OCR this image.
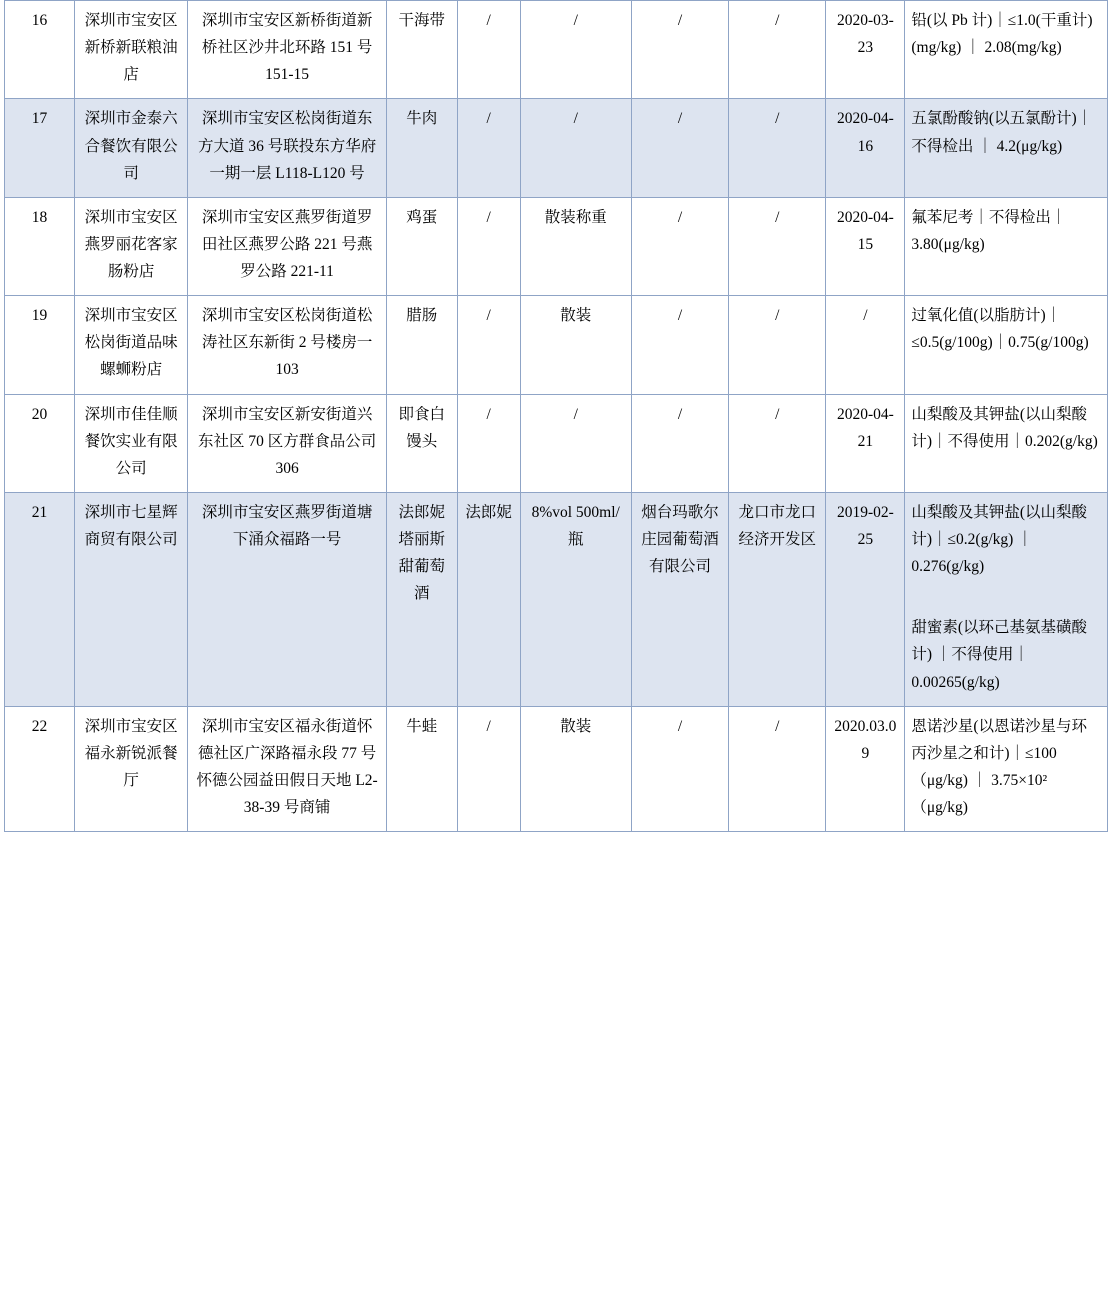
16	深圳市宝安区新桥新联粮油店	深圳市宝安区新桥街道新桥社区沙井北环路 151 号 151-15	干海带	/	/	/	/	2020-03-23	铅(以 Pb 计)｜≤1.0(干重计)(mg/kg) ｜ 2.08(mg/kg)

17	深圳市金泰六合餐饮有限公司	深圳市宝安区松岗街道东方大道 36 号联投东方华府一期一层 L118-L120 号	牛肉	/	/	/	/	2020-04-16	五氯酚酸钠(以五氯酚计)｜不得检出 ｜ 4.2(μg/kg)

18	深圳市宝安区燕罗丽花客家肠粉店	深圳市宝安区燕罗街道罗田社区燕罗公路 221 号燕罗公路 221-11	鸡蛋	/	散装称重	/	/	2020-04-15	氟苯尼考｜不得检出｜3.80(μg/kg)

19	深圳市宝安区松岗街道品味螺蛳粉店	深圳市宝安区松岗街道松涛社区东新街 2 号楼房一 103	腊肠	/	散装	/	/	/	过氧化值(以脂肪计)｜≤0.5(g/100g)｜0.75(g/100g)

20	深圳市佳佳顺餐饮实业有限公司	深圳市宝安区新安街道兴东社区 70 区方群食品公司 306	即食白馒头	/	/	/	/	2020-04-21	山梨酸及其钾盐(以山梨酸计)｜不得使用｜0.202(g/kg)

21	深圳市七星辉商贸有限公司	深圳市宝安区燕罗街道塘下涌众福路一号	法郎妮塔丽斯甜葡萄酒	法郎妮	8%vol 500ml/瓶	烟台玛歌尔庄园葡萄酒有限公司	龙口市龙口经济开发区	2019-02-25	山梨酸及其钾盐(以山梨酸计)｜≤0.2(g/kg) ｜ 0.276(g/kg)
甜蜜素(以环己基氨基磺酸计) ｜不得使用｜0.00265(g/kg)

22	深圳市宝安区福永新锐派餐厅	深圳市宝安区福永街道怀德社区广深路福永段 77 号怀德公园益田假日天地 L2-38-39 号商铺	牛蛙	/	散装	/	/	2020.03.09	恩诺沙星(以恩诺沙星与环丙沙星之和计)｜≤100（μg/kg) ｜ 3.75×10²（μg/kg)
